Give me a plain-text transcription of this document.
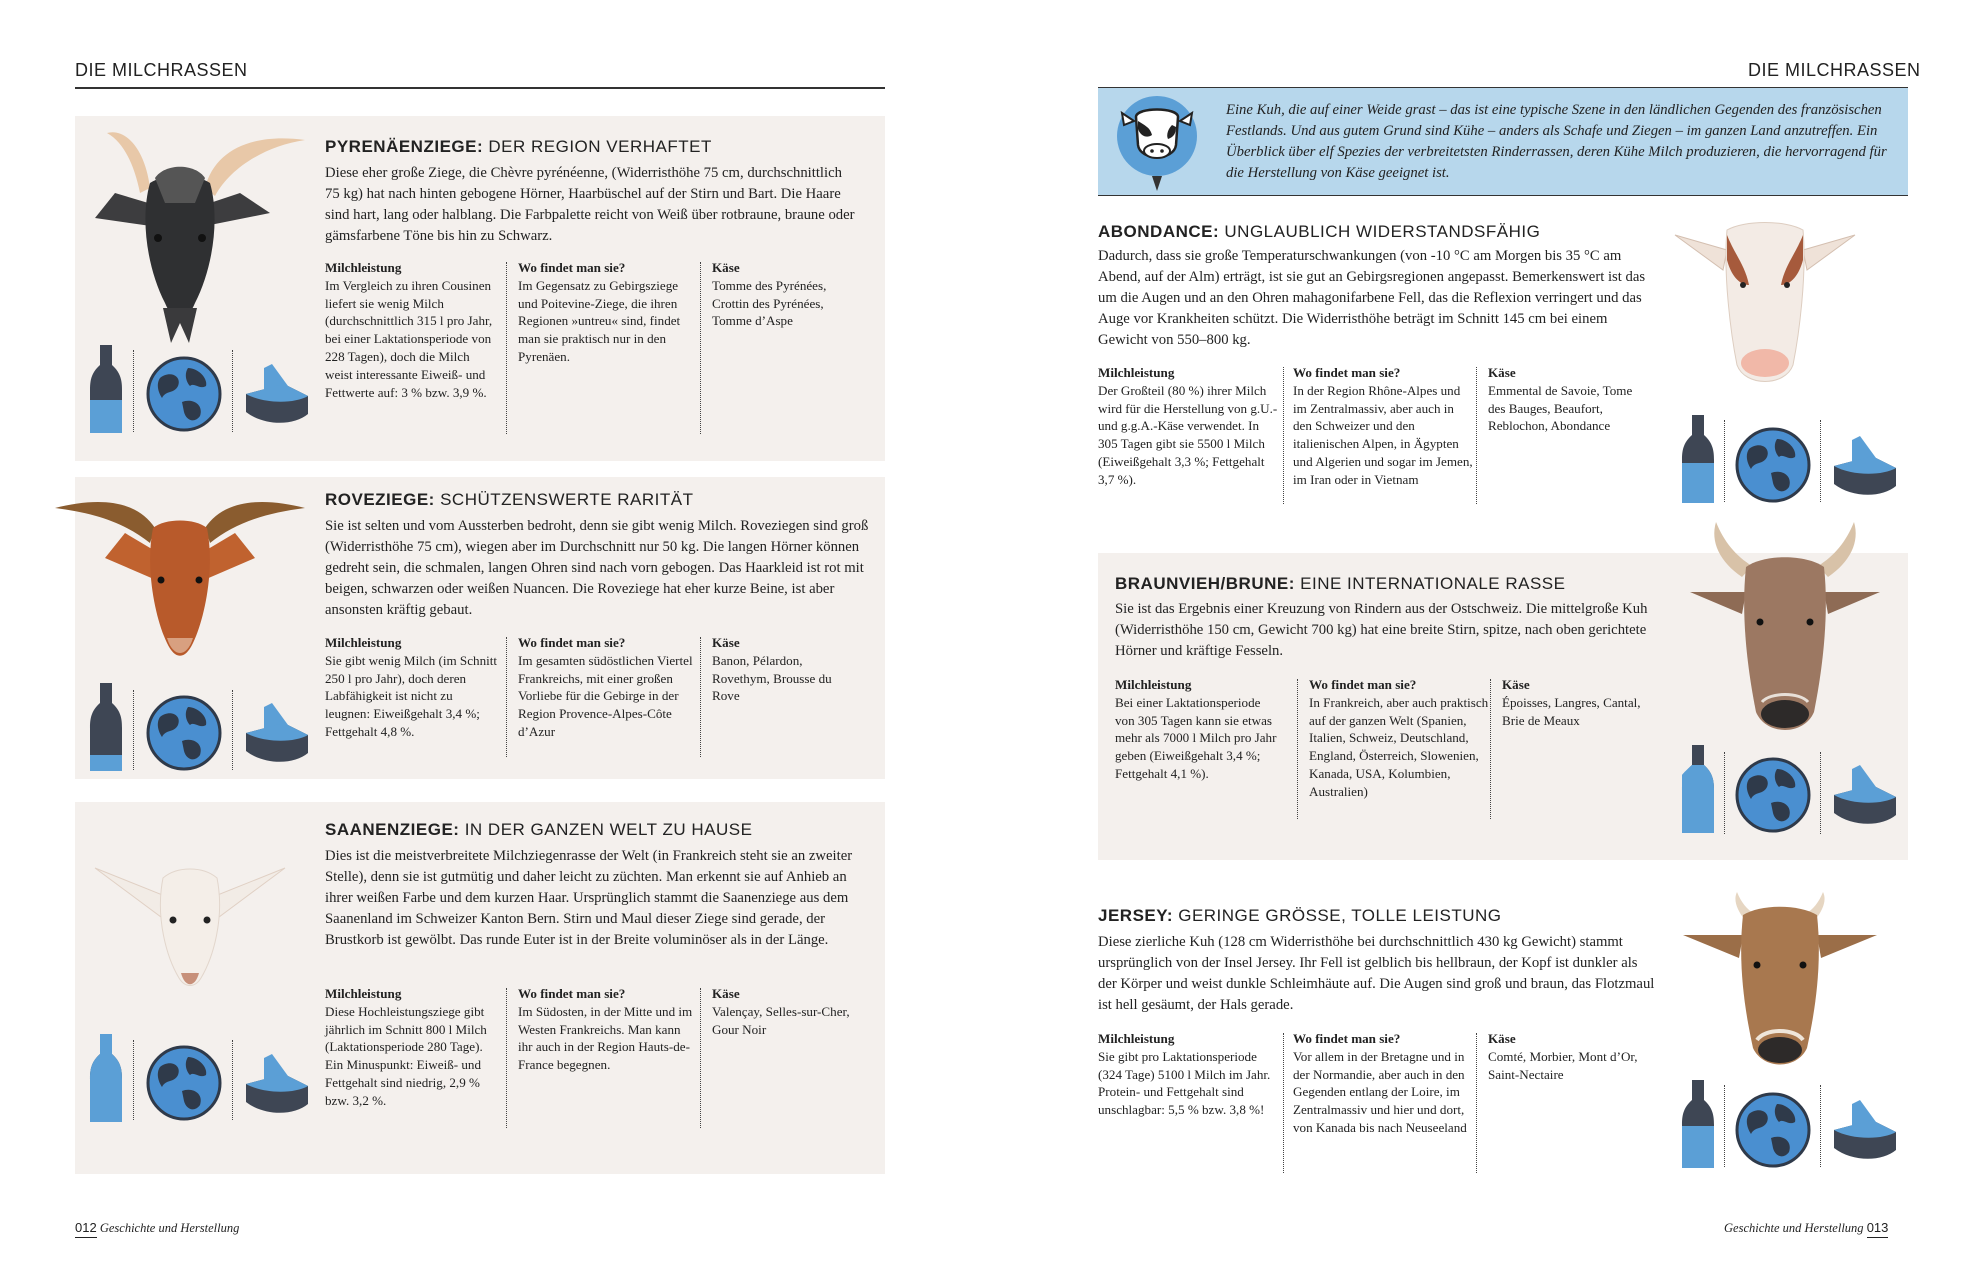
DIE MILCHRASSEN
PYRENÄENZIEGE: DER REGION VERHAFTET
Diese eher große Ziege, die Chèvre pyrénéenne, (Widerristhöhe 75 cm, durchschnittlich 75 kg) hat nach hinten gebogene Hörner, Haarbüschel auf der Stirn und Bart. Die Haare sind hart, lang oder halblang. Die Farbpalette reicht von Weiß über rotbraune, braune oder gämsfarbene Töne bis hin zu Schwarz.
Milchleistung
Im Vergleich zu ihren Cousinen liefert sie wenig Milch (durchschnittlich 315 l pro Jahr, bei einer Laktationsperiode von 228 Tagen), doch die Milch weist interessante Eiweiß- und Fettwerte auf: 3 % bzw. 3,9 %.
Wo findet man sie?
Im Gegensatz zu Gebirgsziege und Poitevine-Ziege, die ihren Regionen »untreu« sind, findet man sie praktisch nur in den Pyrenäen.
Käse
Tomme des Pyrénées, Crottin des Pyrénées, Tomme d’Aspe
ROVEZIEGE: SCHÜTZENSWERTE RARITÄT
Sie ist selten und vom Aussterben bedroht, denn sie gibt wenig Milch. Roveziegen sind groß (Widerristhöhe 75 cm), wiegen aber im Durchschnitt nur 50 kg. Die langen Hörner können gedreht sein, die schmalen, langen Ohren sind nach vorn gebogen. Das Haarkleid ist rot mit beigen, schwarzen oder weißen Nuancen. Die Roveziege hat eher kurze Beine, ist aber ansonsten kräftig gebaut.
Milchleistung
Sie gibt wenig Milch (im Schnitt 250 l pro Jahr), doch deren Labfähigkeit ist nicht zu leugnen: Eiweißgehalt 3,4 %; Fettgehalt 4,8 %.
Wo findet man sie?
Im gesamten südöstlichen Viertel Frankreichs, mit einer großen Vorliebe für die Gebirge in der Region Provence-Alpes-Côte d’Azur
Käse
Banon, Pélardon, Rovethym, Brousse du Rove
SAANENZIEGE: IN DER GANZEN WELT ZU HAUSE
Dies ist die meistverbreitete Milchziegenrasse der Welt (in Frankreich steht sie an zweiter Stelle), denn sie ist gutmütig und daher leicht zu züchten. Man erkennt sie auf Anhieb an ihrer weißen Farbe und dem kurzen Haar. Ursprünglich stammt die Saanenziege aus dem Saanenland im Schweizer Kanton Bern. Stirn und Maul dieser Ziege sind gerade, der Brustkorb ist gewölbt. Das runde Euter ist in der Breite voluminöser als in der Länge.
Milchleistung
Diese Hochleistungsziege gibt jährlich im Schnitt 800 l Milch (Laktationsperiode 280 Tage). Ein Minuspunkt: Eiweiß- und Fettgehalt sind niedrig, 2,9 % bzw. 3,2 %.
Wo findet man sie?
Im Südosten, in der Mitte und im Westen Frankreichs. Man kann ihr auch in der Region Hauts-de-France begegnen.
Käse
Valençay, Selles-sur-Cher, Gour Noir
012 Geschichte und Herstellung
DIE MILCHRASSEN

Eine Kuh, die auf einer Weide grast – das ist eine typische Szene in den ländlichen Gegenden des französischen Festlands. Und aus gutem Grund sind Kühe – anders als Schafe und Ziegen – im ganzen Land anzutreffen. Ein Überblick über elf Spezies der verbreitetsten Rinderrassen, deren Kühe Milch produzieren, die hervorragend für die Herstellung von Käse geeignet ist.

ABONDANCE: UNGLAUBLICH WIDERSTANDSFÄHIG
Dadurch, dass sie große Temperaturschwankungen (von -10 °C am Morgen bis 35 °C am Abend, auf der Alm) erträgt, ist sie gut an Gebirgsregionen angepasst. Bemerkenswert ist das um die Augen und an den Ohren mahagonifarbene Fell, das die Reflexion verringert und das Auge vor Krankheiten schützt. Die Widerristhöhe beträgt im Schnitt 145 cm bei einem Gewicht von 550–800 kg.
Milchleistung
Der Großteil (80 %) ihrer Milch wird für die Herstellung von g.U.- und g.g.A.-Käse verwendet. In 305 Tagen gibt sie 5500 l Milch (Eiweißgehalt 3,3 %; Fettgehalt 3,7 %).
Wo findet man sie?
In der Region Rhône-Alpes und im Zentralmassiv, aber auch in den Schweizer und den italienischen Alpen, in Ägypten und Algerien und sogar im Jemen, im Iran oder in Vietnam
Käse
Emmental de Savoie, Tome des Bauges, Beaufort, Reblochon, Abondance
BRAUNVIEH/BRUNE: EINE INTERNATIONALE RASSE
Sie ist das Ergebnis einer Kreuzung von Rindern aus der Ostschweiz. Die mittelgroße Kuh (Widerristhöhe 150 cm, Gewicht 700 kg) hat eine breite Stirn, spitze, nach oben gerichtete Hörner und kräftige Fesseln.
Milchleistung
Bei einer Laktationsperiode von 305 Tagen kann sie etwas mehr als 7000 l Milch pro Jahr geben (Eiweißgehalt 3,4 %; Fettgehalt 4,1 %).
Wo findet man sie?
In Frankreich, aber auch praktisch auf der ganzen Welt (Spanien, Italien, Schweiz, Deutschland, England, Österreich, Slowenien, Kanada, USA, Kolumbien, Australien)
Käse
Époisses, Langres, Cantal, Brie de Meaux
JERSEY: GERINGE GRÖSSE, TOLLE LEISTUNG
Diese zierliche Kuh (128 cm Widerristhöhe bei durchschnittlich 430 kg Gewicht) stammt ursprünglich von der Insel Jersey. Ihr Fell ist gelblich bis hellbraun, der Kopf ist dunkler als der Körper und weist dunkle Schleimhäute auf. Die Augen sind groß und braun, das Flotzmaul ist hell gesäumt, der Hals gerade.
Milchleistung
Sie gibt pro Laktationsperiode (324 Tage) 5100 l Milch im Jahr. Protein- und Fettgehalt sind unschlagbar: 5,5 % bzw. 3,8 %!
Wo findet man sie?
Vor allem in der Bretagne und in der Normandie, aber auch in den Gegenden entlang der Loire, im Zentralmassiv und hier und dort, von Kanada bis nach Neuseeland
Käse
Comté, Morbier, Mont d’Or, Saint-Nectaire
Geschichte und Herstellung 013
